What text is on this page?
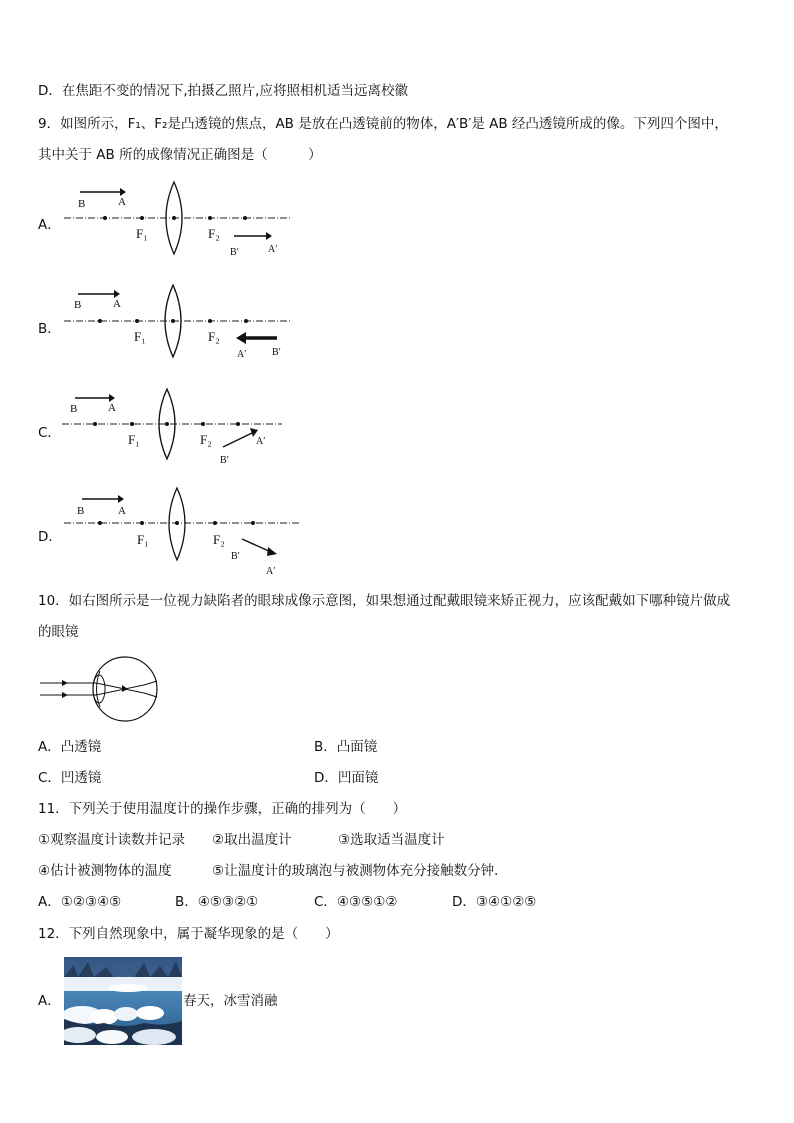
D．在焦距不变的情况下,拍摄乙照片,应将照相机适当远离校徽
9．如图所示，F₁、F₂是凸透镜的焦点，AB 是放在凸透镜前的物体，A′B′是 AB 经凸透镜所成的像。下列四个图中，
其中关于 AB 所的成像情况正确图是（　　　）
A．
B	A
F₁	F₂
B′	A′
B．
B	A
F₁	F₂
A′	B′
C．
B	A
F₁	F₂
B′
A′
D．
B	A
F₁	F₂
B′
A′
10．如右图所示是一位视力缺陷者的眼球成像示意图，如果想通过配戴眼镜来矫正视力，应该配戴如下哪种镜片做成
的眼镜
A．凸透镜	B．凸面镜
C．凹透镜	D．凹面镜
11．下列关于使用温度计的操作步骤，正确的排列为（　　）
①观察温度计读数并记录 ②取出温度计	③选取适当温度计
④估计被测物体的温度	⑤让温度计的玻璃泡与被测物体充分接触数分钟．
A．①②③④⑤	B．④⑤③②①	C．④③⑤①②	D．③④①②⑤
12．下列自然现象中，属于凝华现象的是（　　）
A．	春天，冰雪消融
